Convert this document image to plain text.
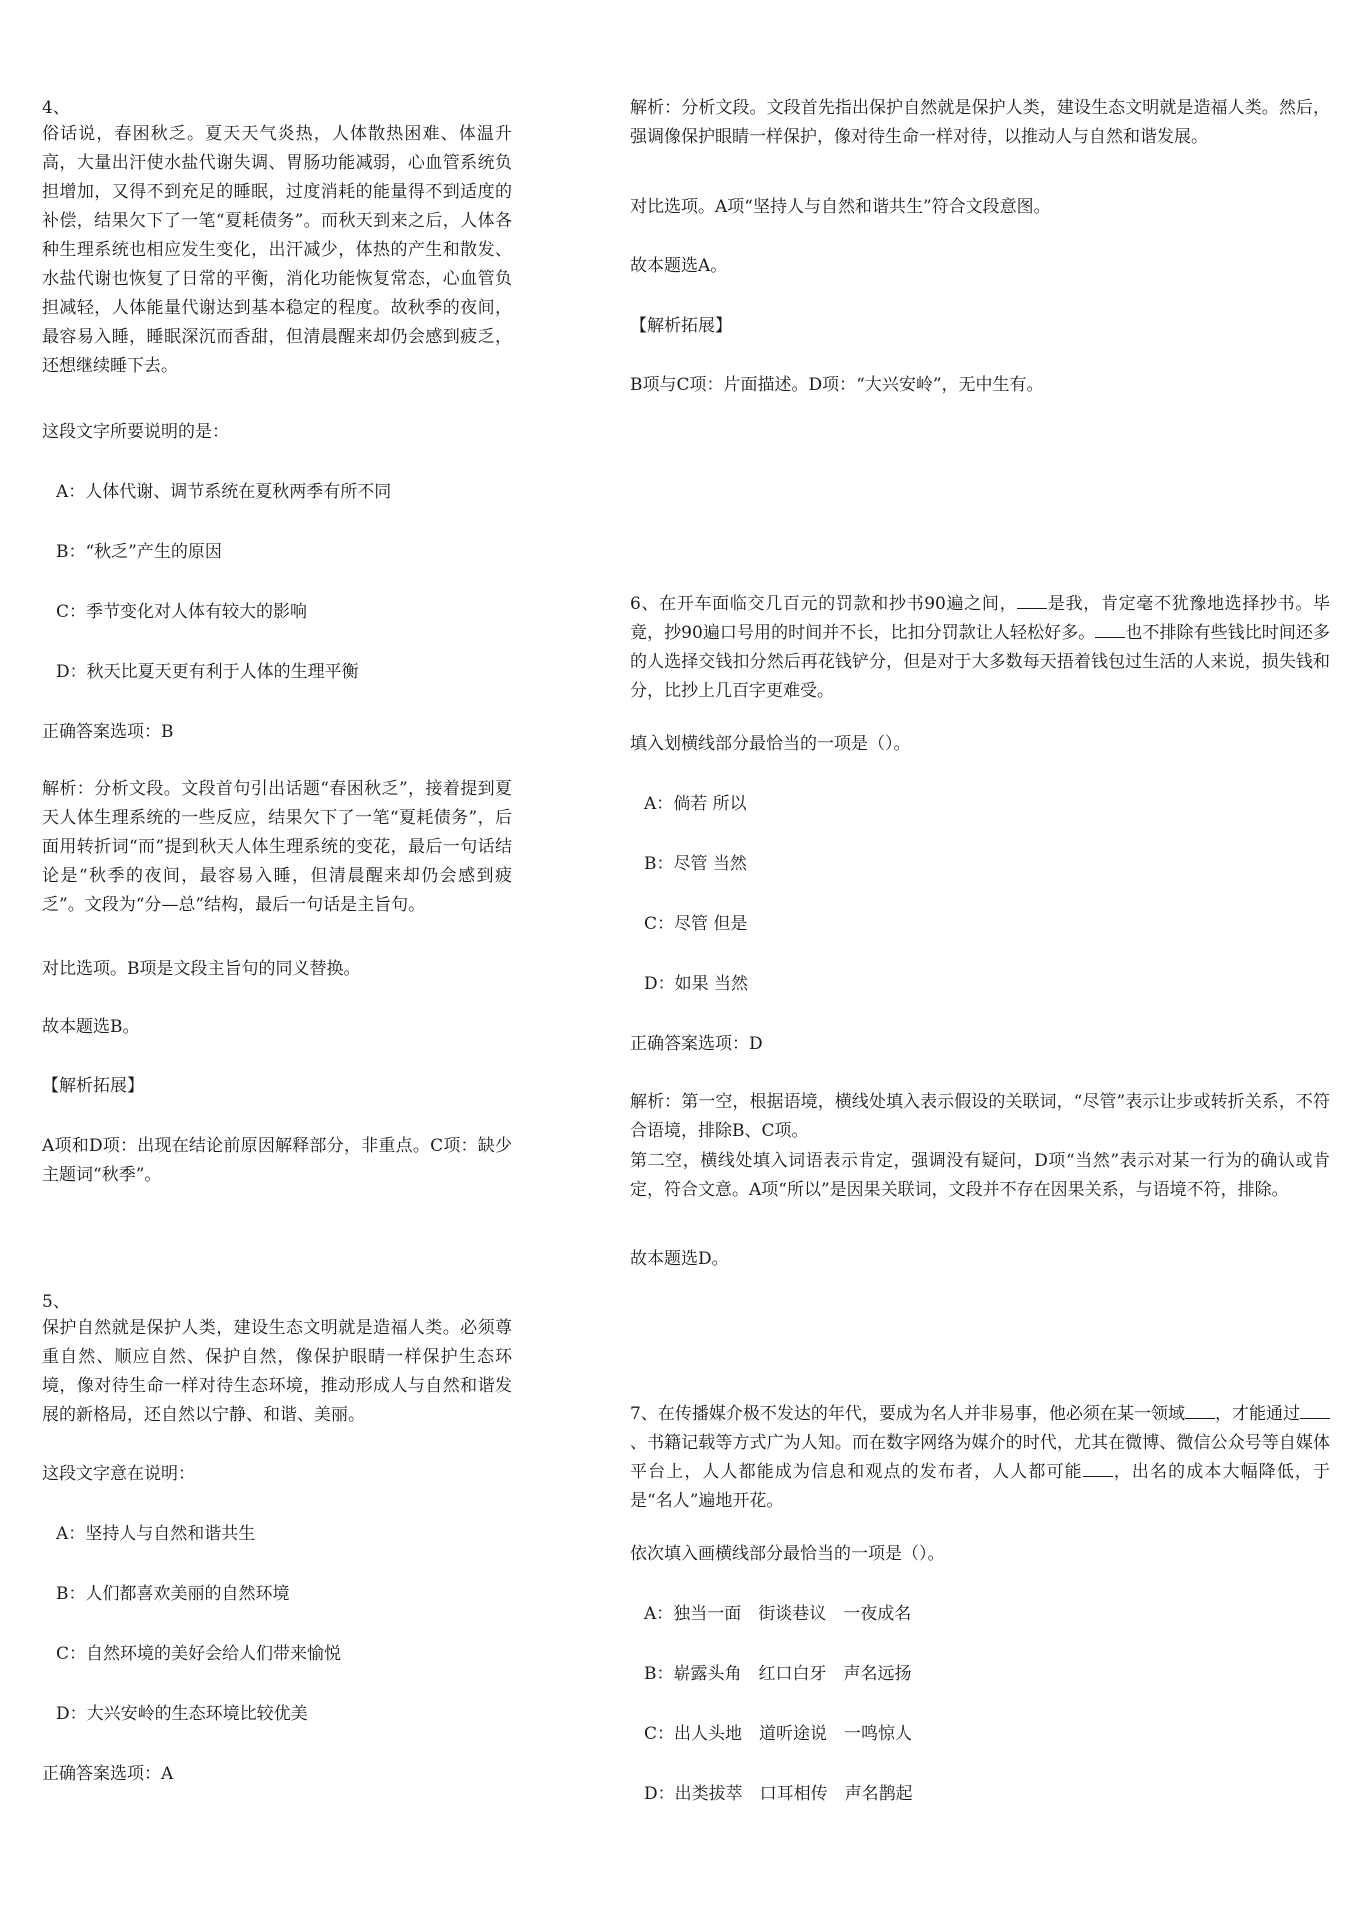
4、

俗话说，春困秋乏。夏天天气炎热，人体散热困难、体温升高，大量出汗使水盐代谢失调、胃肠功能减弱，心血管系统负担增加，又得不到充足的睡眠，过度消耗的能量得不到适度的补偿，结果欠下了一笔“夏耗债务”。而秋天到来之后，人体各种生理系统也相应发生变化，出汗减少，体热的产生和散发、水盐代谢也恢复了日常的平衡，消化功能恢复常态，心血管负担减轻，人体能量代谢达到基本稳定的程度。故秋季的夜间，最容易入睡，睡眠深沉而香甜，但清晨醒来却仍会感到疲乏，还想继续睡下去。

这段文字所要说明的是：

A：人体代谢、调节系统在夏秋两季有所不同

B：“秋乏”产生的原因

C：季节变化对人体有较大的影响

D：秋天比夏天更有利于人体的生理平衡

正确答案选项：B

解析：分析文段。文段首句引出话题“春困秋乏”，接着提到夏天人体生理系统的一些反应，结果欠下了一笔“夏耗债务”，后面用转折词“而”提到秋天人体生理系统的变花，最后一句话结论是“秋季的夜间，最容易入睡，但清晨醒来却仍会感到疲乏”。文段为“分—总”结构，最后一句话是主旨句。

对比选项。B项是文段主旨句的同义替换。

故本题选B。

【解析拓展】

A项和D项：出现在结论前原因解释部分，非重点。C项：缺少主题词“秋季”。

5、

保护自然就是保护人类，建设生态文明就是造福人类。必须尊重自然、顺应自然、保护自然，像保护眼睛一样保护生态环境，像对待生命一样对待生态环境，推动形成人与自然和谐发展的新格局，还自然以宁静、和谐、美丽。

这段文字意在说明：

A：坚持人与自然和谐共生

B：人们都喜欢美丽的自然环境

C：自然环境的美好会给人们带来愉悦

D：大兴安岭的生态环境比较优美

正确答案选项：A

解析：分析文段。文段首先指出保护自然就是保护人类，建设生态文明就是造福人类。然后，强调像保护眼睛一样保护，像对待生命一样对待，以推动人与自然和谐发展。

对比选项。A项“坚持人与自然和谐共生”符合文段意图。

故本题选A。

【解析拓展】

B项与C项：片面描述。D项：“大兴安岭”，无中生有。

6、在开车面临交几百元的罚款和抄书90遍之间， 是我，肯定毫不犹豫地选择抄书。毕竟，抄90遍口号用的时间并不长，比扣分罚款让人轻松好多。 也不排除有些钱比时间还多的人选择交钱扣分然后再花钱铲分，但是对于大多数每天捂着钱包过生活的人来说，损失钱和分，比抄上几百字更难受。

填入划横线部分最恰当的一项是（）。

A：倘若 所以

B：尽管 当然

C：尽管 但是

D：如果 当然

正确答案选项：D

解析：第一空，根据语境，横线处填入表示假设的关联词，“尽管”表示让步或转折关系，不符合语境，排除B、C项。

第二空，横线处填入词语表示肯定，强调没有疑问，D项“当然”表示对某一行为的确认或肯定，符合文意。A项“所以”是因果关联词，文段并不存在因果关系，与语境不符，排除。

故本题选D。

7、在传播媒介极不发达的年代，要成为名人并非易事，他必须在某一领域 ，才能通过、书籍记载等方式广为人知。而在数字网络为媒介的时代，尤其在微博、微信公众号等自媒体平台上，人人都能成为信息和观点的发布者，人人都可能 ，出名的成本大幅降低，于是“名人”遍地开花。

依次填入画横线部分最恰当的一项是（）。

A：独当一面　街谈巷议　一夜成名

B：崭露头角　红口白牙　声名远扬

C：出人头地　道听途说　一鸣惊人

D：出类拔萃　口耳相传　声名鹊起
